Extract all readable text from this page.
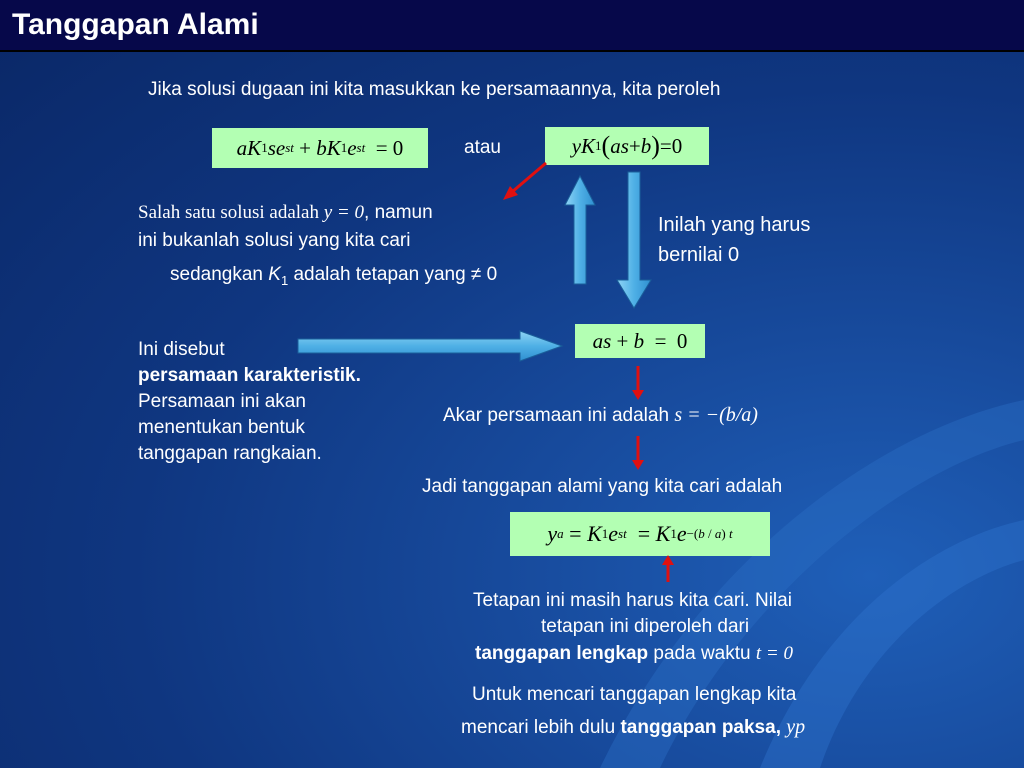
Tanggapan Alami
Jika solusi dugaan ini kita masukkan ke persamaannya, kita peroleh
aK 1 se st
+ bK 1 e st
= 0	atau	yK 1 ( as + b ) =0
Salah satu solusi adalah y = 0, namun
ini bukanlah solusi yang kita cari
sedangkan $K_1$ adalah tetapan yang ≠ 0
Inilah yang harus
bernilai 0
as + b =  0
Ini disebut
persamaan karakteristik.
Persamaan ini akan
menentukan bentuk
tanggapan rangkaian.
Akar persamaan ini adalah s = −(b/a)
Jadi tanggapan alami yang kita cari adalah
y a
= K 1 e st
= K 1 e −(b / a) t
Tetapan ini masih harus kita cari. Nilai
tetapan ini diperoleh dari
tanggapan lengkap pada waktu t = 0
Untuk mencari tanggapan lengkap kita
mencari lebih dulu tanggapan paksa, yp
